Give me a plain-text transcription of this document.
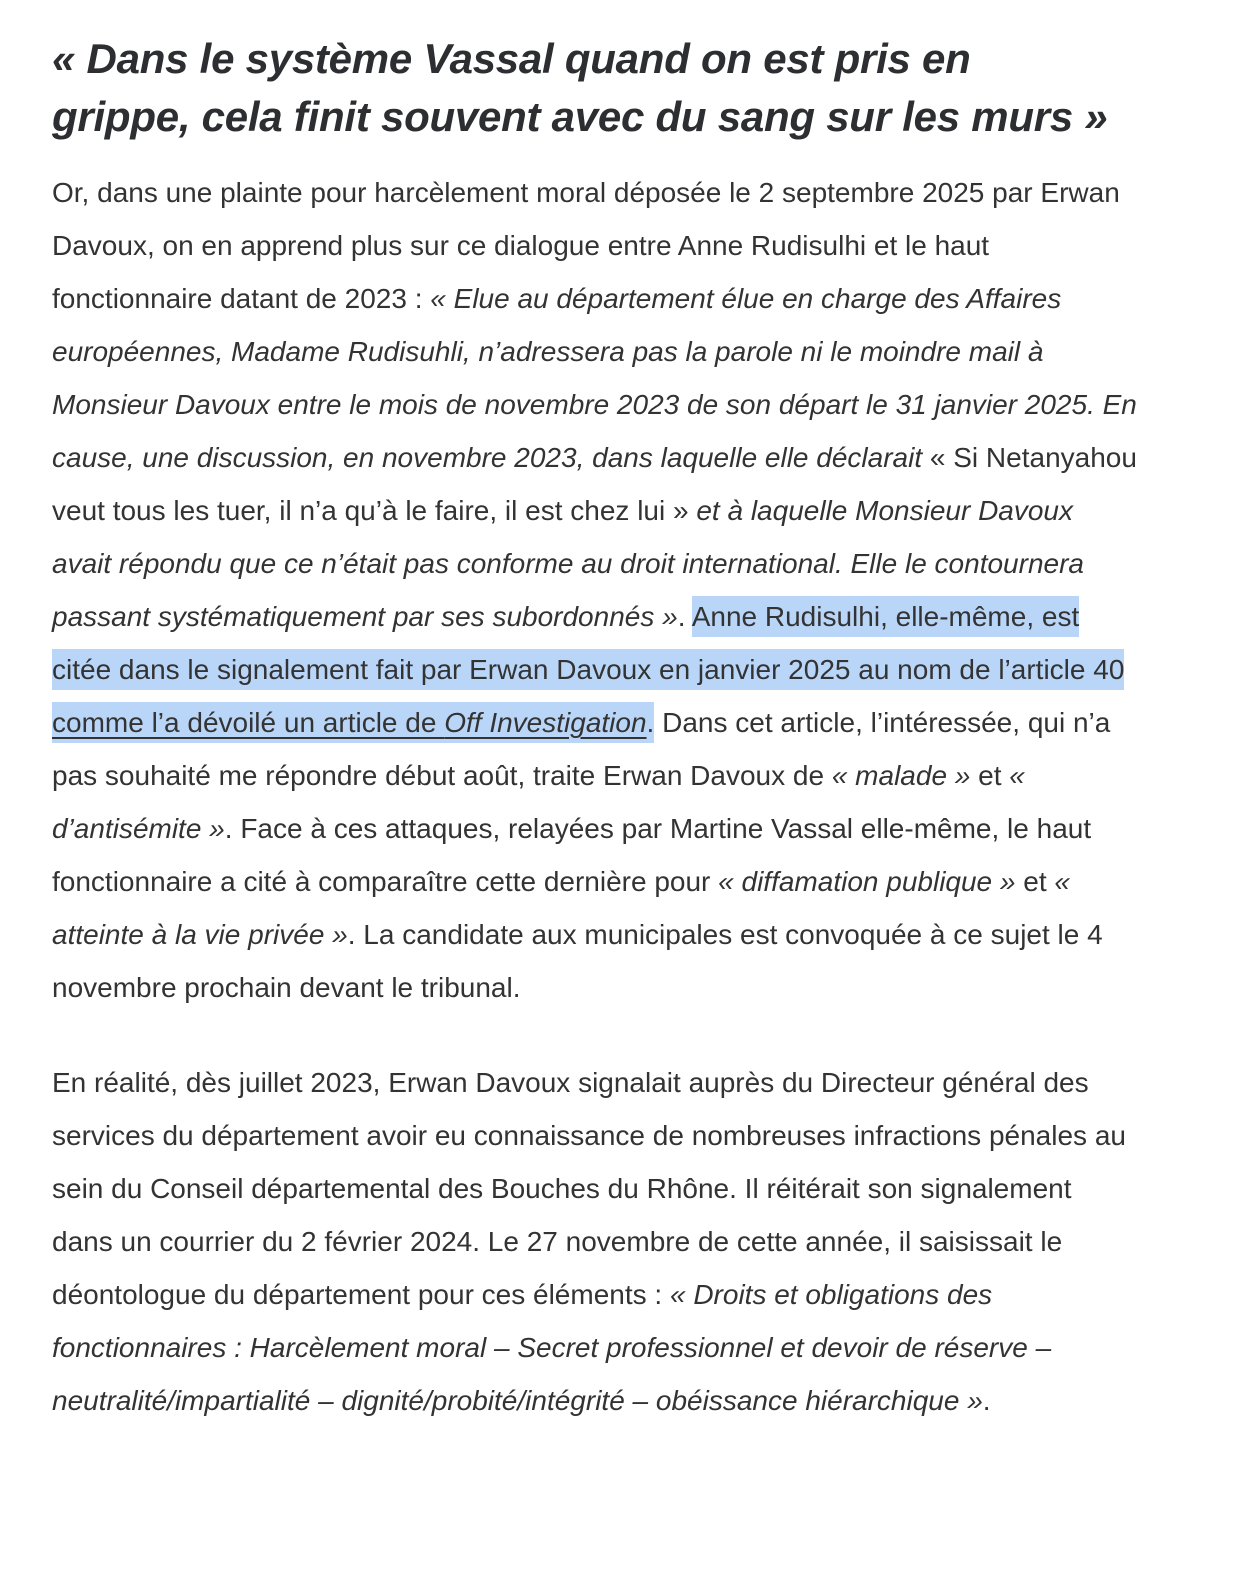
« Dans le système Vassal quand on est pris en
grippe, cela finit souvent avec du sang sur les murs »

Or, dans une plainte pour harcèlement moral déposée le 2 septembre 2025 par Erwan Davoux, on en apprend plus sur ce dialogue entre Anne Rudisulhi et le haut fonctionnaire datant de 2023 : « Elue au département élue en charge des Affaires européennes, Madame Rudisuhli, n’adressera pas la parole ni le moindre mail à Monsieur Davoux entre le mois de novembre 2023 de son départ le 31 janvier 2025. En cause, une discussion, en novembre 2023, dans laquelle elle déclarait « Si Netanyahou veut tous les tuer, il n’a qu’à le faire, il est chez lui » et à laquelle Monsieur Davoux avait répondu que ce n’était pas conforme au droit international. Elle le contournera passant systématiquement par ses subordonnés ». Anne Rudisulhi, elle-même, est citée dans le signalement fait par Erwan Davoux en janvier 2025 au nom de l’article 40 comme l’a dévoilé un article de Off Investigation. Dans cet article, l’intéressée, qui n’a pas souhaité me répondre début août, traite Erwan Davoux de « malade » et « d’antisémite ». Face à ces attaques, relayées par Martine Vassal elle-même, le haut fonctionnaire a cité à comparaître cette dernière pour « diffamation publique » et « atteinte à la vie privée ». La candidate aux municipales est convoquée à ce sujet le 4 novembre prochain devant le tribunal.

En réalité, dès juillet 2023, Erwan Davoux signalait auprès du Directeur général des services du département avoir eu connaissance de nombreuses infractions pénales au sein du Conseil départemental des Bouches du Rhône. Il réitérait son signalement dans un courrier du 2 février 2024. Le 27 novembre de cette année, il saisissait le déontologue du département pour ces éléments : « Droits et obligations des fonctionnaires : Harcèlement moral – Secret professionnel et devoir de réserve – neutralité/impartialité – dignité/probité/intégrité – obéissance hiérarchique ».
